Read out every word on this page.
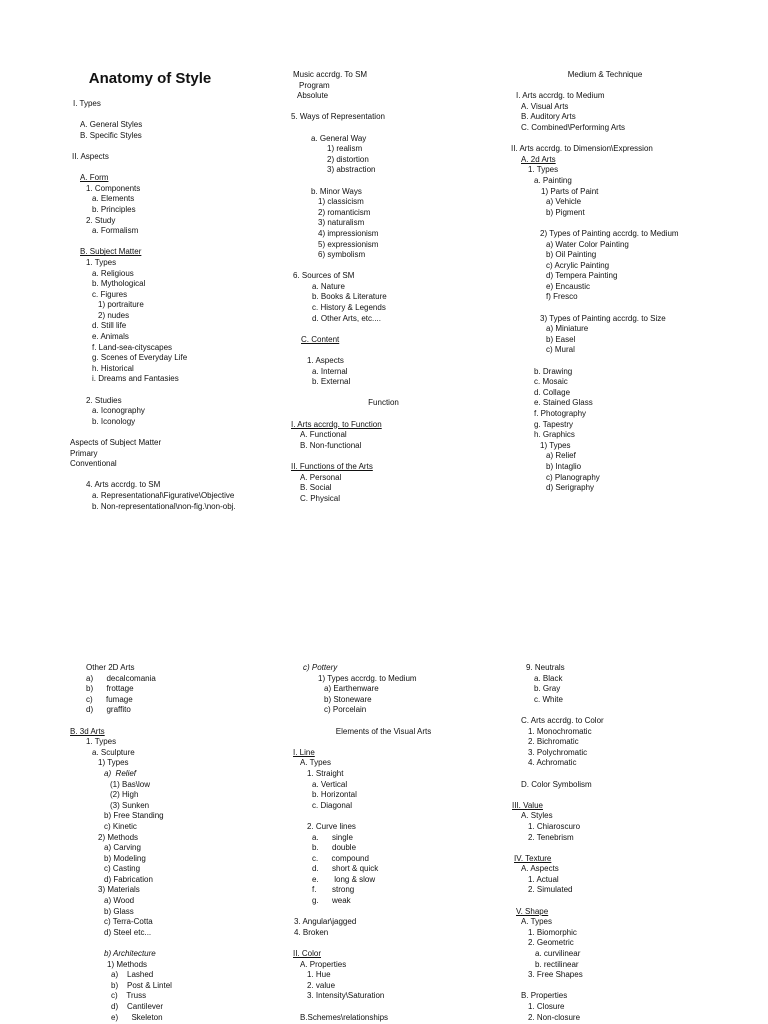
Anatomy of Style
I. Types

A. General Styles
B. Specific Styles

II. Aspects

A. Form
1. Components
a. Elements
b. Principles
2. Study
a. Formalism

B. Subject Matter
1. Types
a. Religious
b. Mythological
c. Figures
1) portraiture
2) nudes
d. Still life
e. Animals
f. Land-sea-cityscapes
g. Scenes of Everyday Life
h. Historical
i. Dreams and Fantasies

2. Studies
a. Iconography
b. Iconology

Aspects of Subject Matter
Primary
Conventional

4. Arts accrdg. to SM
a. Representational\Figurative\Objective
b. Non-representational\non-fig.\non-obj.
Music accrdg. To SM
Program
Absolute

5. Ways of Representation

a. General Way
1) realism
2) distortion
3) abstraction

b. Minor Ways
1) classicism
2) romanticism
3) naturalism
4) impressionism
5) expressionism
6) symbolism

6. Sources of SM
a. Nature
b. Books & Literature
c. History & Legends
d. Other Arts, etc....

C. Content

1. Aspects
a. Internal
b. External

Function

I. Arts accrdg. to Function
A. Functional
B. Non-functional

II. Functions of the Arts
A. Personal
B. Social
C. Physical
Medium & Technique

I. Arts accrdg. to Medium
A. Visual Arts
B. Auditory Arts
C. Combined\Performing Arts

II. Arts accrdg. to Dimension\Expression
A. 2d Arts
1. Types
a. Painting
1) Parts of Paint
a) Vehicle
b) Pigment

2) Types of Painting accrdg. to Medium
a) Water Color Painting
b) Oil Painting
c) Acrylic Painting
d) Tempera Painting
e) Encaustic
f) Fresco

3) Types of Painting accrdg. to Size
a) Miniature
b) Easel
c) Mural

b. Drawing
c. Mosaic
d. Collage
e. Stained Glass
f. Photography
g. Tapestry
h. Graphics
1) Types
a) Relief
b) Intaglio
c) Planography
d) Serigraphy
Other 2D Arts
a)      decalcomania
b)      frottage
c)      fumage
d)      graffito

B. 3d Arts
1. Types
a. Sculpture
1) Types
a)  Relief
(1) Bas\low
(2) High
(3) Sunken
b) Free Standing
c) Kinetic
2) Methods
a) Carving
b) Modeling
c) Casting
d) Fabrication
3) Materials
a) Wood
b) Glass
c) Terra-Cotta
d) Steel etc...

b) Architecture
1) Methods
a)    Lashed
b)    Post & Lintel
c)    Truss
d)    Cantilever
e)      Skeleton
c) Pottery
1) Types accrdg. to Medium
a) Earthenware
b) Stoneware
c) Porcelain

Elements of the Visual Arts

I. Line
A. Types
1. Straight
a. Vertical
b. Horizontal
c. Diagonal

2. Curve lines
a.      single
b.      double
c.      compound
d.      short & quick
e.       long & slow
f.       strong
g.      weak

3. Angular\jagged
4. Broken

II. Color
A. Properties
1. Hue
2. value
3. Intensity\Saturation

B.Schemes\relationships
9. Neutrals
a. Black
b. Gray
c. White

C. Arts accrdg. to Color
1. Monochromatic
2. Bichromatic
3. Polychromatic
4. Achromatic

D. Color Symbolism

III. Value
A. Styles
1. Chiaroscuro
2. Tenebrism

IV. Texture
A. Aspects
1. Actual
2. Simulated

V. Shape
A. Types
1. Biomorphic
2. Geometric
a. curvilinear
b. rectilinear
3. Free Shapes

B. Properties
1. Closure
2. Non-closure
